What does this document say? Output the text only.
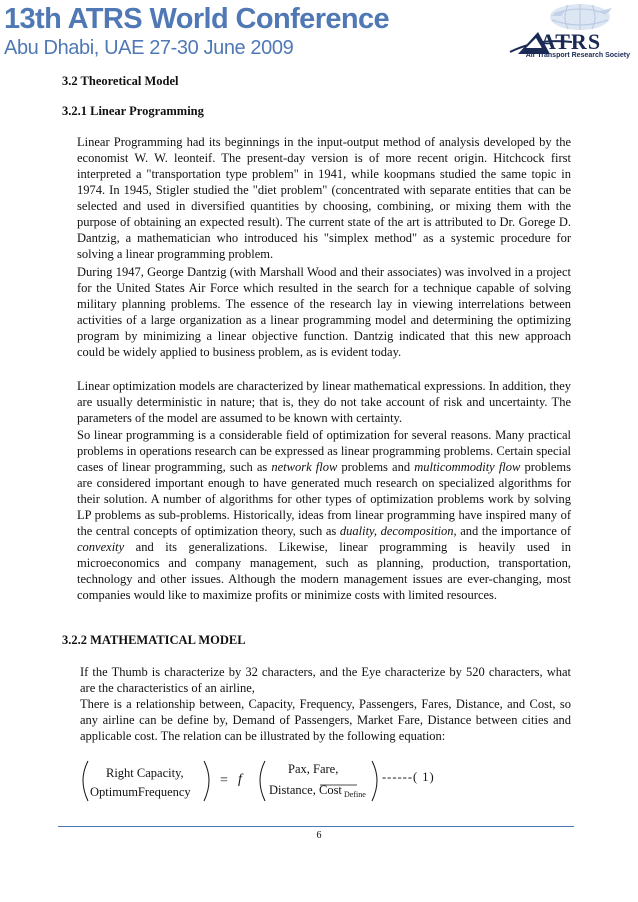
13th ATRS World Conference
Abu Dhabi, UAE 27-30 June 2009	ATRS
Air Transport Research Society
3.2 Theoretical Model
3.2.1 Linear Programming

Linear Programming had its beginnings in the input-output method of analysis developed by the economist W. W. leonteif. The present-day version is of more recent origin. Hitchcock first interpreted a "transportation type problem" in 1941, while koopmans studied the same topic in 1974. In 1945, Stigler studied the "diet problem" (concentrated with separate entities that can be selected and used in diversified quantities by choosing, combining, or mixing them with the purpose of obtaining an expected result). The current state of the art is attributed to Dr. Gorege D. Dantzig, a mathematician who introduced his "simplex method" as a systemic procedure for solving a linear programming problem.

During 1947, George Dantzig (with Marshall Wood and their associates) was involved in a project for the United States Air Force which resulted in the search for a technique capable of solving military planning problems. The essence of the research lay in viewing interrelations between activities of a large organization as a linear programming model and determining the optimizing program by minimizing a linear objective function. Dantzig indicated that this new approach could be widely applied to business problem, as is evident today.

Linear optimization models are characterized by linear mathematical expressions. In addition, they are usually deterministic in nature; that is, they do not take account of risk and uncertainty. The parameters of the model are assumed to be known with certainty.

So linear programming is a considerable field of optimization for several reasons. Many practical problems in operations research can be expressed as linear programming problems. Certain special cases of linear programming, such as network flow problems and multicommodity flow problems are considered important enough to have generated much research on specialized algorithms for their solution. A number of algorithms for other types of optimization problems work by solving LP problems as sub-problems. Historically, ideas from linear programming have inspired many of the central concepts of optimization theory, such as duality, decomposition, and the importance of convexity and its generalizations. Likewise, linear programming is heavily used in microeconomics and company management, such as planning, production, transportation, technology and other issues. Although the modern management issues are ever-changing, most companies would like to maximize profits or minimize costs with limited resources.

3.2.2 MATHEMATICAL MODEL

If the Thumb is characterize by 32 characters, and the Eye characterize by 520 characters, what are the characteristics of an airline,

There is a relationship between, Capacity, Frequency, Passengers, Fares, Distance, and Cost, so any airline can be define by, Demand of Passengers, Market Fare, Distance between cities and applicable cost. The relation can be illustrated by the following equation:

Right Capacity,
OptimumFrequency
= f
Pax, Fare,
Distance, Cost Define
------( 1)
6
